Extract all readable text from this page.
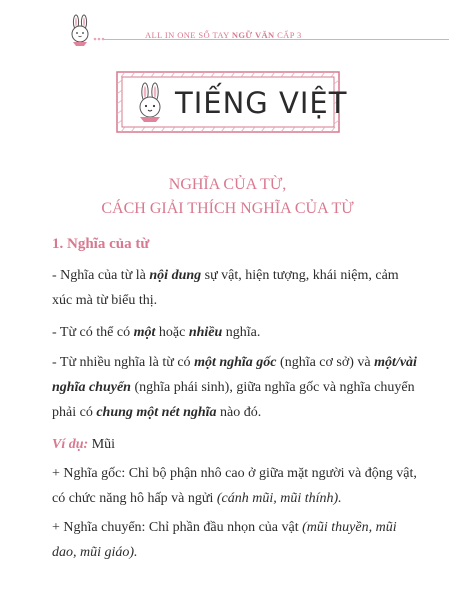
ALL IN ONE SỔ TAY NGỮ VĂN CẤP 3
TIẾNG VIỆT
NGHĨA CỦA TỪ,
CÁCH GIẢI THÍCH NGHĨA CỦA TỪ
1. Nghĩa của từ
- Nghĩa của từ là nội dung sự vật, hiện tượng, khái niệm, cảm xúc mà từ biểu thị.
- Từ có thể có một hoặc nhiều nghĩa.
- Từ nhiều nghĩa là từ có một nghĩa gốc (nghĩa cơ sở) và một/vài nghĩa chuyển (nghĩa phái sinh), giữa nghĩa gốc và nghĩa chuyển phải có chung một nét nghĩa nào đó.
Ví dụ: Mũi
+ Nghĩa gốc: Chỉ bộ phận nhô cao ở giữa mặt người và động vật, có chức năng hô hấp và ngửi (cánh mũi, mũi thính).
+ Nghĩa chuyển: Chỉ phần đầu nhọn của vật (mũi thuyền, mũi dao, mũi giáo).
